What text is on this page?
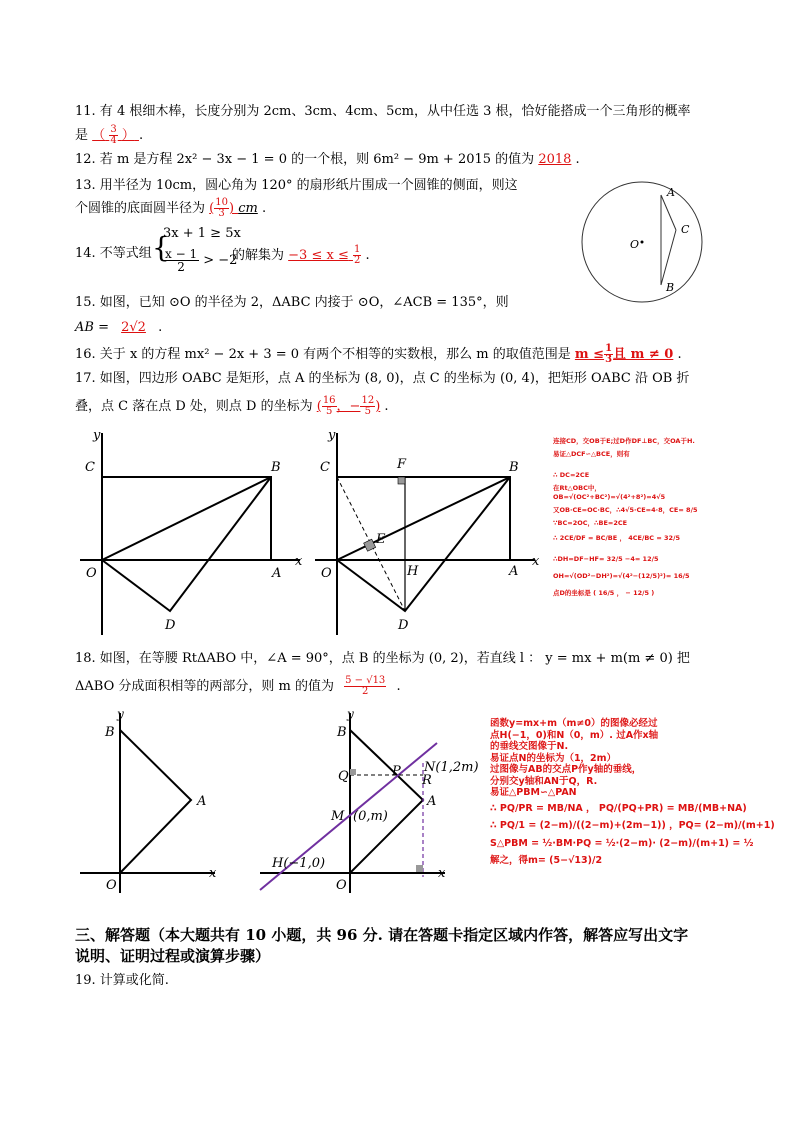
11. 有 4 根细木棒，长度分别为 2cm、3cm、4cm、5cm，从中任选 3 根，恰好能搭成一个三角形的概率
是 （ $\frac{3}{4}$ ） .
12. 若 m 是方程 2x² − 3x − 1 = 0 的一个根，则 6m² − 9m + 2015 的值为 2018 .
13. 用半径为 10cm，圆心角为 120° 的扇形纸片围成一个圆锥的侧面，则这
个圆锥的底面圆半径为 ( $\frac{10}{3}$ ) cm .
14. 不等式组 {
3x + 1 ≥ 5x
$\frac{x - 1}{2} > -2$
的解集为 $-3 \le x \le \frac{1}{2}$ .
15. 如图，已知 ⊙O 的半径为 2，ΔABC 内接于 ⊙O，∠ACB = 135°，则
AB = 2√2 .
16. 关于 x 的方程 mx² − 2x + 3 = 0 有两个不相等的实数根，那么 m 的取值范围是 $m \le \frac{1}{3}$ 且 m ≠ 0 .
17. 如图，四边形 OABC 是矩形，点 A 的坐标为 (8, 0)，点 C 的坐标为 (0, 4)，把矩形 OABC 沿 OB 折
叠，点 C 落在点 D 处，则点 D 的坐标为 ( $\frac{16}{5}$ ，− $\frac{12}{5}$ ) .
A
C
B
O
y
C	B
O	A
x
D
y
C	F	B
E
O	H	A
x
D
连接CD，交OB于E;过D作DF⊥BC，交OA于H.
易证△DCF∽△BCE，则有
∴ DC=2CE
在Rt△OBC中，
OB=√(OC²+BC²)=√(4²+8²)=4√5
又OB·CE=OC·BC，∴4√5·CE=4·8，CE= 8/5
∵BC=2OC，∴BE=2CE
∴ 2CE/DF = BC/BE ， 4CE/BC = 32/5
∴DH=DF−HF= 32/5 −4= 12/5
OH=√(OD²−DH²)=√(4²−(12/5)²)= 16/5
点D的坐标是 ( 16/5 ， − 12/5 )
18. 如图，在等腰 RtΔABO 中，∠A = 90°，点 B 的坐标为 (0, 2)，若直线 l ： y = mx + m(m ≠ 0) 把
ΔABO 分成面积相等的两部分，则 m 的值为 $\frac{5 - √13}{2}$ .
y
B
A
O
x
y
B
N(1,2m)
P
Q	R
A
M (0,m)
H(−1,0)
O
x
函数y=mx+m（m≠0）的图像必经过
点H(−1，0)和N（0，m）. 过A作x轴
的垂线交图像于N.
易证点N的坐标为（1，2m）
过图像与AB的交点P作y轴的垂线，
分别交y轴和AN于Q，R.
易证△PBM∽△PAN
∴ PQ/PR = MB/NA ， PQ/(PQ+PR) = MB/(MB+NA)
∴ PQ/1 = (2−m)/((2−m)+(2m−1)) ，PQ= (2−m)/(m+1)
S△PBM = ½·BM·PQ = ½·(2−m)· (2−m)/(m+1) = ½
解之，得m= (5−√13)/2
三、解答题（本大题共有 10 小题，共 96 分. 请在答题卡指定区域内作答，解答应写出文字
说明、证明过程或演算步骤）
19. 计算或化简.
